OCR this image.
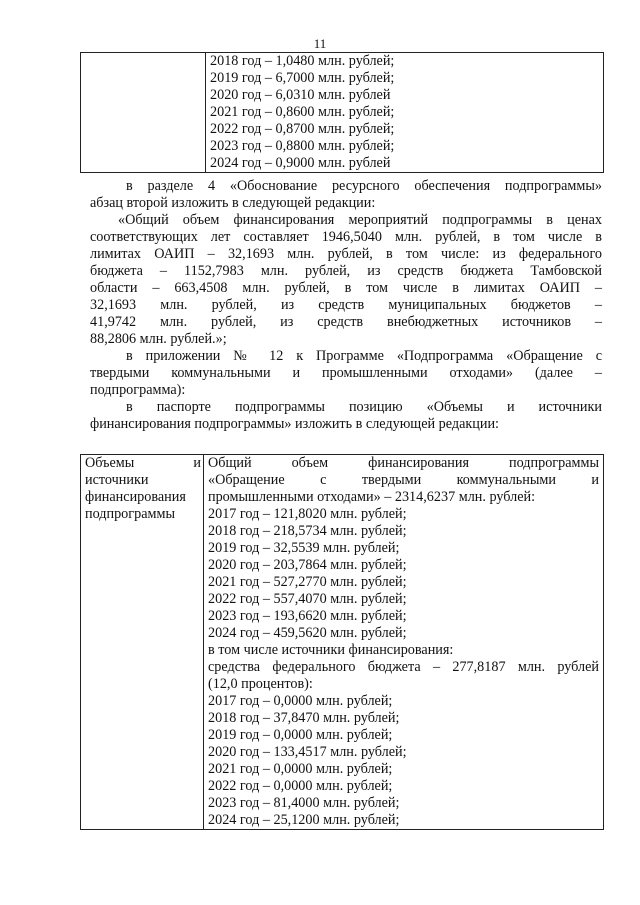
11

2018 год – 1,0480 млн. рублей;
2019 год – 6,7000 млн. рублей;
2020 год – 6,0310 млн. рублей
2021 год – 0,8600 млн. рублей;
2022 год – 0,8700 млн. рублей;
2023 год – 0,8800 млн. рублей;
2024 год – 0,9000 млн. рублей

в разделе 4 «Обоснование ресурсного обеспечения подпрограммы»
абзац второй изложить в следующей редакции:

«Общий объем финансирования мероприятий подпрограммы в ценах
соответствующих лет составляет 1946,5040 млн. рублей, в том числе в
лимитах ОАИП – 32,1693 млн. рублей, в том числе: из федерального
бюджета – 1152,7983 млн. рублей, из средств бюджета Тамбовской
области – 663,4508 млн. рублей, в том числе в лимитах ОАИП –
32,1693 млн. рублей, из средств муниципальных бюджетов –
41,9742 млн. рублей, из средств внебюджетных источников –
88,2806 млн. рублей.»;

в приложении № 12 к Программе «Подпрограмма «Обращение с
твердыми коммунальными и промышленными отходами» (далее –
подпрограмма):

в паспорте подпрограммы позицию «Объемы и источники
финансирования подпрограммы» изложить в следующей редакции:

Объемы и
источники
финансирования
подпрограммы

Общий объем финансирования подпрограммы
«Обращение с твердыми коммунальными и
промышленными отходами» – 2314,6237 млн. рублей:
2017 год – 121,8020 млн. рублей;
2018 год – 218,5734 млн. рублей;
2019 год – 32,5539 млн. рублей;
2020 год – 203,7864 млн. рублей;
2021 год – 527,2770 млн. рублей;
2022 год – 557,4070 млн. рублей;
2023 год – 193,6620 млн. рублей;
2024 год – 459,5620 млн. рублей;
в том числе источники финансирования:
средства федерального бюджета – 277,8187 млн. рублей
(12,0 процентов):
2017 год – 0,0000 млн. рублей;
2018 год – 37,8470 млн. рублей;
2019 год – 0,0000 млн. рублей;
2020 год – 133,4517 млн. рублей;
2021 год – 0,0000 млн. рублей;
2022 год – 0,0000 млн. рублей;
2023 год – 81,4000 млн. рублей;
2024 год – 25,1200 млн. рублей;
